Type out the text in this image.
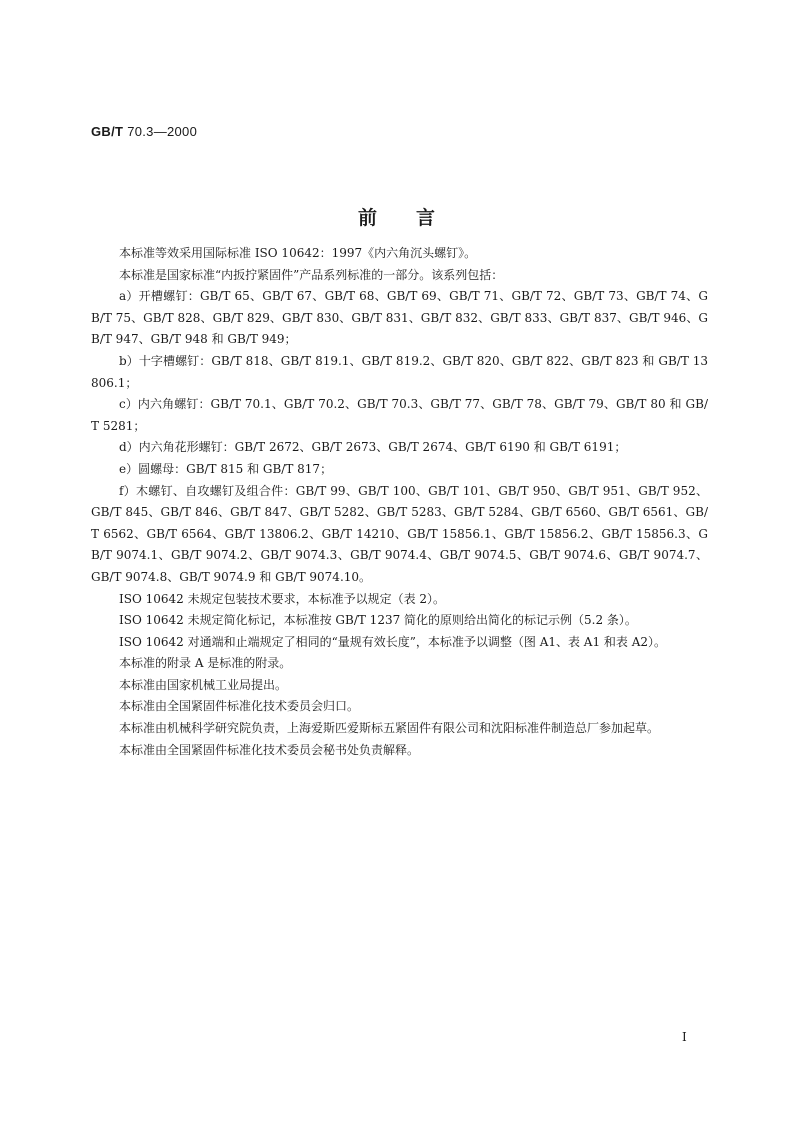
GB/T 70.3—2000
前 言

本标准等效采用国际标准 ISO 10642：1997《内六角沉头螺钉》。

本标准是国家标准“内扳拧紧固件”产品系列标准的一部分。该系列包括：

a）开槽螺钉：GB/T 65、GB/T 67、GB/T 68、GB/T 69、GB/T 71、GB/T 72、GB/T 73、GB/T 74、GB/T 75、GB/T 828、GB/T 829、GB/T 830、GB/T 831、GB/T 832、GB/T 833、GB/T 837、GB/T 946、GB/T 947、GB/T 948 和 GB/T 949；

b）十字槽螺钉：GB/T 818、GB/T 819.1、GB/T 819.2、GB/T 820、GB/T 822、GB/T 823 和 GB/T 13806.1；

c）内六角螺钉：GB/T 70.1、GB/T 70.2、GB/T 70.3、GB/T 77、GB/T 78、GB/T 79、GB/T 80 和 GB/T 5281；

d）内六角花形螺钉：GB/T 2672、GB/T 2673、GB/T 2674、GB/T 6190 和 GB/T 6191；

e）圆螺母：GB/T 815 和 GB/T 817；

f）木螺钉、自攻螺钉及组合件：GB/T 99、GB/T 100、GB/T 101、GB/T 950、GB/T 951、GB/T 952、GB/T 845、GB/T 846、GB/T 847、GB/T 5282、GB/T 5283、GB/T 5284、GB/T 6560、GB/T 6561、GB/T 6562、GB/T 6564、GB/T 13806.2、GB/T 14210、GB/T 15856.1、GB/T 15856.2、GB/T 15856.3、GB/T 9074.1、GB/T 9074.2、GB/T 9074.3、GB/T 9074.4、GB/T 9074.5、GB/T 9074.6、GB/T 9074.7、GB/T 9074.8、GB/T 9074.9 和 GB/T 9074.10。

ISO 10642 未规定包装技术要求，本标准予以规定（表 2）。

ISO 10642 未规定简化标记，本标准按 GB/T 1237 简化的原则给出简化的标记示例（5.2 条）。

ISO 10642 对通端和止端规定了相同的“量规有效长度”，本标准予以调整（图 A1、表 A1 和表 A2）。

本标准的附录 A 是标准的附录。

本标准由国家机械工业局提出。

本标准由全国紧固件标准化技术委员会归口。

本标准由机械科学研究院负责，上海爱斯匹爱斯标五紧固件有限公司和沈阳标准件制造总厂参加起草。

本标准由全国紧固件标准化技术委员会秘书处负责解释。

I
